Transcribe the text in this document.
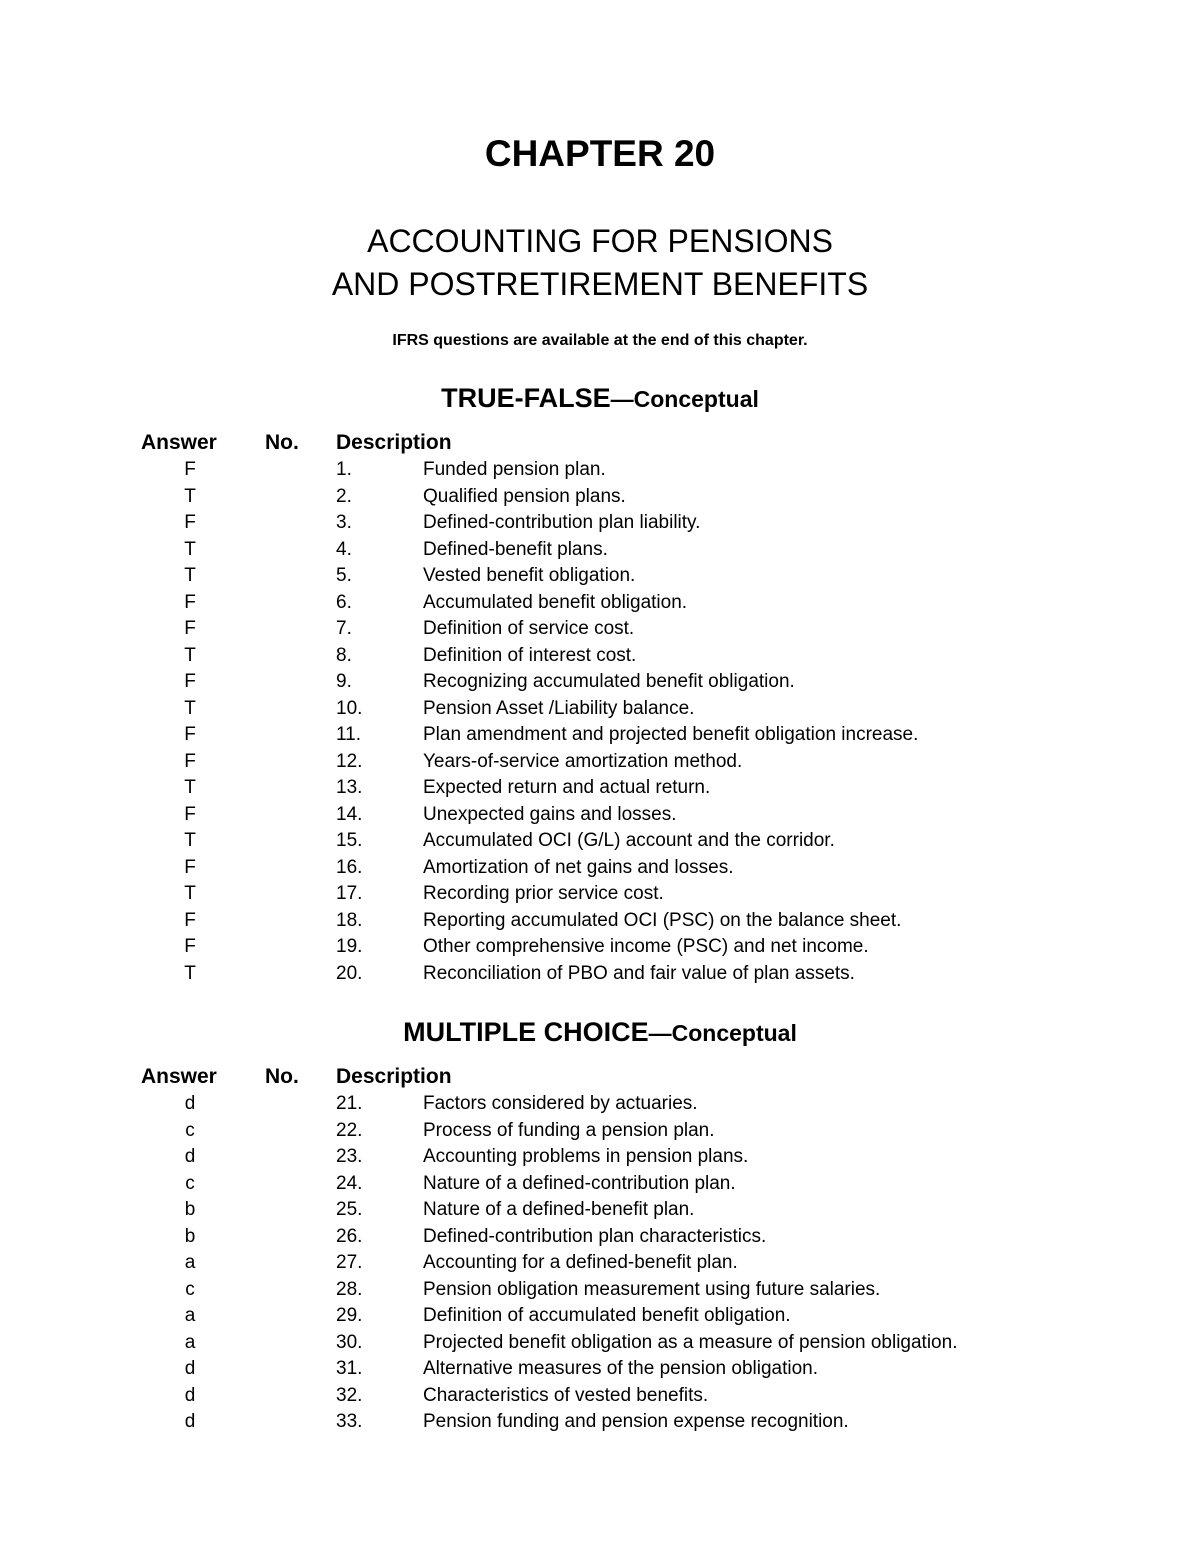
CHAPTER 20
ACCOUNTING FOR PENSIONS
AND POSTRETIREMENT BENEFITS
IFRS questions are available at the end of this chapter.
TRUE-FALSE—Conceptual
Answer No. Description
F	1.	Funded pension plan.
T	2.	Qualified pension plans.
F	3.	Defined-contribution plan liability.
T	4.	Defined-benefit plans.
T	5.	Vested benefit obligation.
F	6.	Accumulated benefit obligation.
F	7.	Definition of service cost.
T	8.	Definition of interest cost.
F	9.	Recognizing accumulated benefit obligation.
T	10.	Pension Asset /Liability balance.
F	11.	Plan amendment and projected benefit obligation increase.
F	12.	Years-of-service amortization method.
T	13.	Expected return and actual return.
F	14.	Unexpected gains and losses.
T	15.	Accumulated OCI (G/L) account and the corridor.
F	16.	Amortization of net gains and losses.
T	17.	Recording prior service cost.
F	18.	Reporting accumulated OCI (PSC) on the balance sheet.
F	19.	Other comprehensive income (PSC) and net income.
T	20.	Reconciliation of PBO and fair value of plan assets.
MULTIPLE CHOICE—Conceptual
Answer No. Description
d	21.	Factors considered by actuaries.
c	22.	Process of funding a pension plan.
d	23.	Accounting problems in pension plans.
c	24.	Nature of a defined-contribution plan.
b	25.	Nature of a defined-benefit plan.
b	26.	Defined-contribution plan characteristics.
a	27.	Accounting for a defined-benefit plan.
c	28.	Pension obligation measurement using future salaries.
a	29.	Definition of accumulated benefit obligation.
a	30.	Projected benefit obligation as a measure of pension obligation.
d	31.	Alternative measures of the pension obligation.
d	32.	Characteristics of vested benefits.
d	33.	Pension funding and pension expense recognition.
